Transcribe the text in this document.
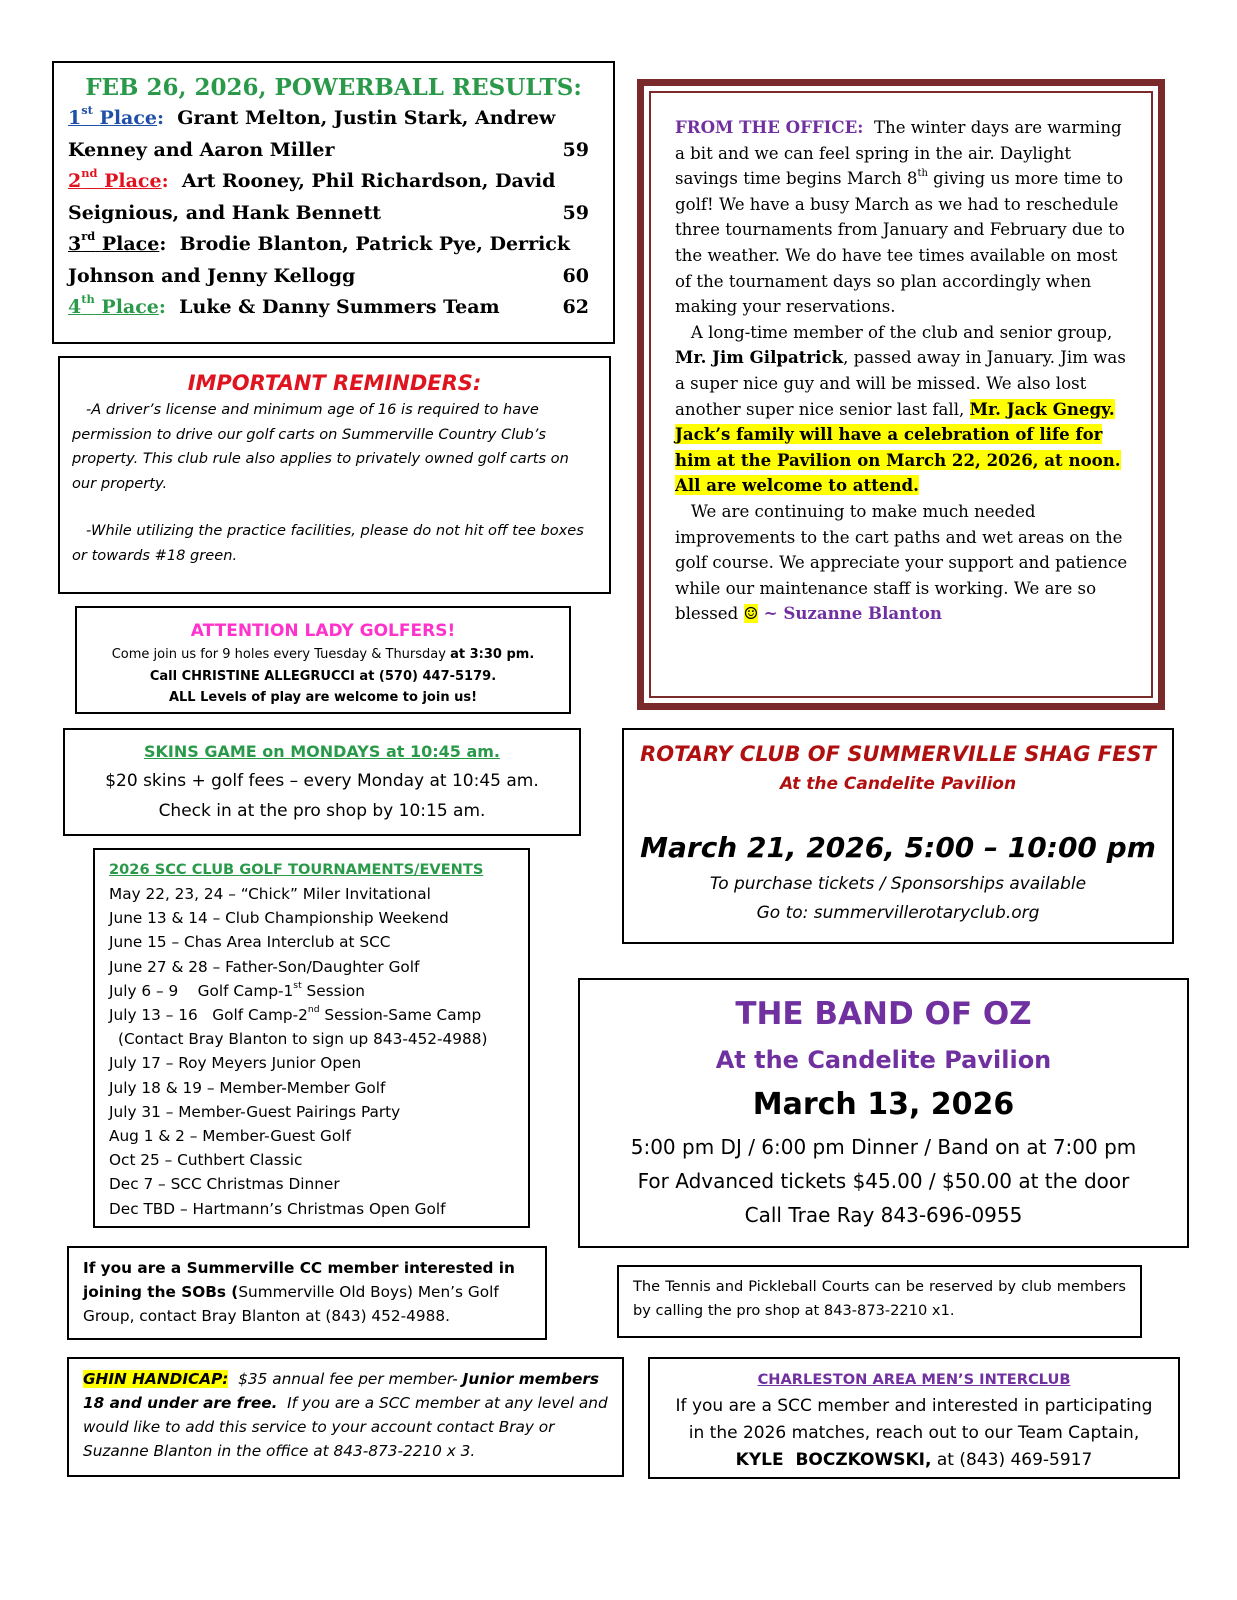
FEB 26, 2026, POWERBALL RESULTS:
1st Place: Grant Melton, Justin Stark, Andrew
Kenney and Aaron Miller	59
2nd Place: Art Rooney, Phil Richardson, David
Seignious, and Hank Bennett	59
3rd Place:  Brodie Blanton, Patrick Pye, Derrick
Johnson and Jenny Kellogg	60
4th Place: Luke & Danny Summers Team	62

FROM THE OFFICE: The winter days are warming a bit and we can feel spring in the air. Daylight savings time begins March 8th giving us more time to golf! We have a busy March as we had to reschedule three tournaments from January and February due to the weather. We do have tee times available on most of the tournament days so plan accordingly when making your reservations.

A long-time member of the club and senior group, Mr. Jim Gilpatrick, passed away in January. Jim was a super nice guy and will be missed. We also lost another super nice senior last fall, Mr. Jack Gnegy. Jack’s family will have a celebration of life for him at the Pavilion on March 22, 2026, at noon. All are welcome to attend.

We are continuing to make much needed improvements to the cart paths and wet areas on the golf course. We appreciate your support and patience while our maintenance staff is working. We are so blessed ☺ ~ Suzanne Blanton

IMPORTANT REMINDERS:

-A driver’s license and minimum age of 16 is required to have permission to drive our golf carts on Summerville Country Club’s property. This club rule also applies to privately owned golf carts on our property.

-While utilizing the practice facilities, please do not hit off tee boxes or towards #18 green.

ATTENTION LADY GOLFERS!
Come join us for 9 holes every Tuesday & Thursday at 3:30 pm.
Call CHRISTINE ALLEGRUCCI at (570) 447-5179.
ALL Levels of play are welcome to join us!
SKINS GAME on MONDAYS at 10:45 am.
$20 skins + golf fees – every Monday at 10:45 am.
Check in at the pro shop by 10:15 am.
2026 SCC CLUB GOLF TOURNAMENTS/EVENTS
May 22, 23, 24 – “Chick” Miler Invitational
June 13 & 14 – Club Championship Weekend
June 15 – Chas Area Interclub at SCC
June 27 & 28 – Father-Son/Daughter Golf
July 6 – 9    Golf Camp-1st Session
July 13 – 16   Golf Camp-2nd Session-Same Camp
(Contact Bray Blanton to sign up 843-452-4988)
July 17 – Roy Meyers Junior Open
July 18 & 19 – Member-Member Golf
July 31 – Member-Guest Pairings Party
Aug 1 & 2 – Member-Guest Golf
Oct 25 – Cuthbert Classic
Dec 7 – SCC Christmas Dinner
Dec TBD – Hartmann’s Christmas Open Golf
ROTARY CLUB OF SUMMERVILLE SHAG FEST
At the Candelite Pavilion
March 21, 2026, 5:00 – 10:00 pm
To purchase tickets / Sponsorships available
Go to: summervillerotaryclub.org
THE BAND OF OZ
At the Candelite Pavilion
March 13, 2026
5:00 pm DJ / 6:00 pm Dinner / Band on at 7:00 pm
For Advanced tickets $45.00 / $50.00 at the door
Call Trae Ray 843-696-0955

If you are a Summerville CC member interested in joining the SOBs (Summerville Old Boys) Men’s Golf Group, contact Bray Blanton at (843) 452-4988.

The Tennis and Pickleball Courts can be reserved by club members by calling the pro shop at 843-873-2210 x1.

GHIN HANDICAP:  $35 annual fee per member- Junior members 18 and under are free.  If you are a SCC member at any level and would like to add this service to your account contact Bray or Suzanne Blanton in the office at 843-873-2210 x 3.

CHARLESTON AREA MEN’S INTERCLUB
If you are a SCC member and interested in participating
in the 2026 matches, reach out to our Team Captain,
KYLE  BOCZKOWSKI, at (843) 469-5917
